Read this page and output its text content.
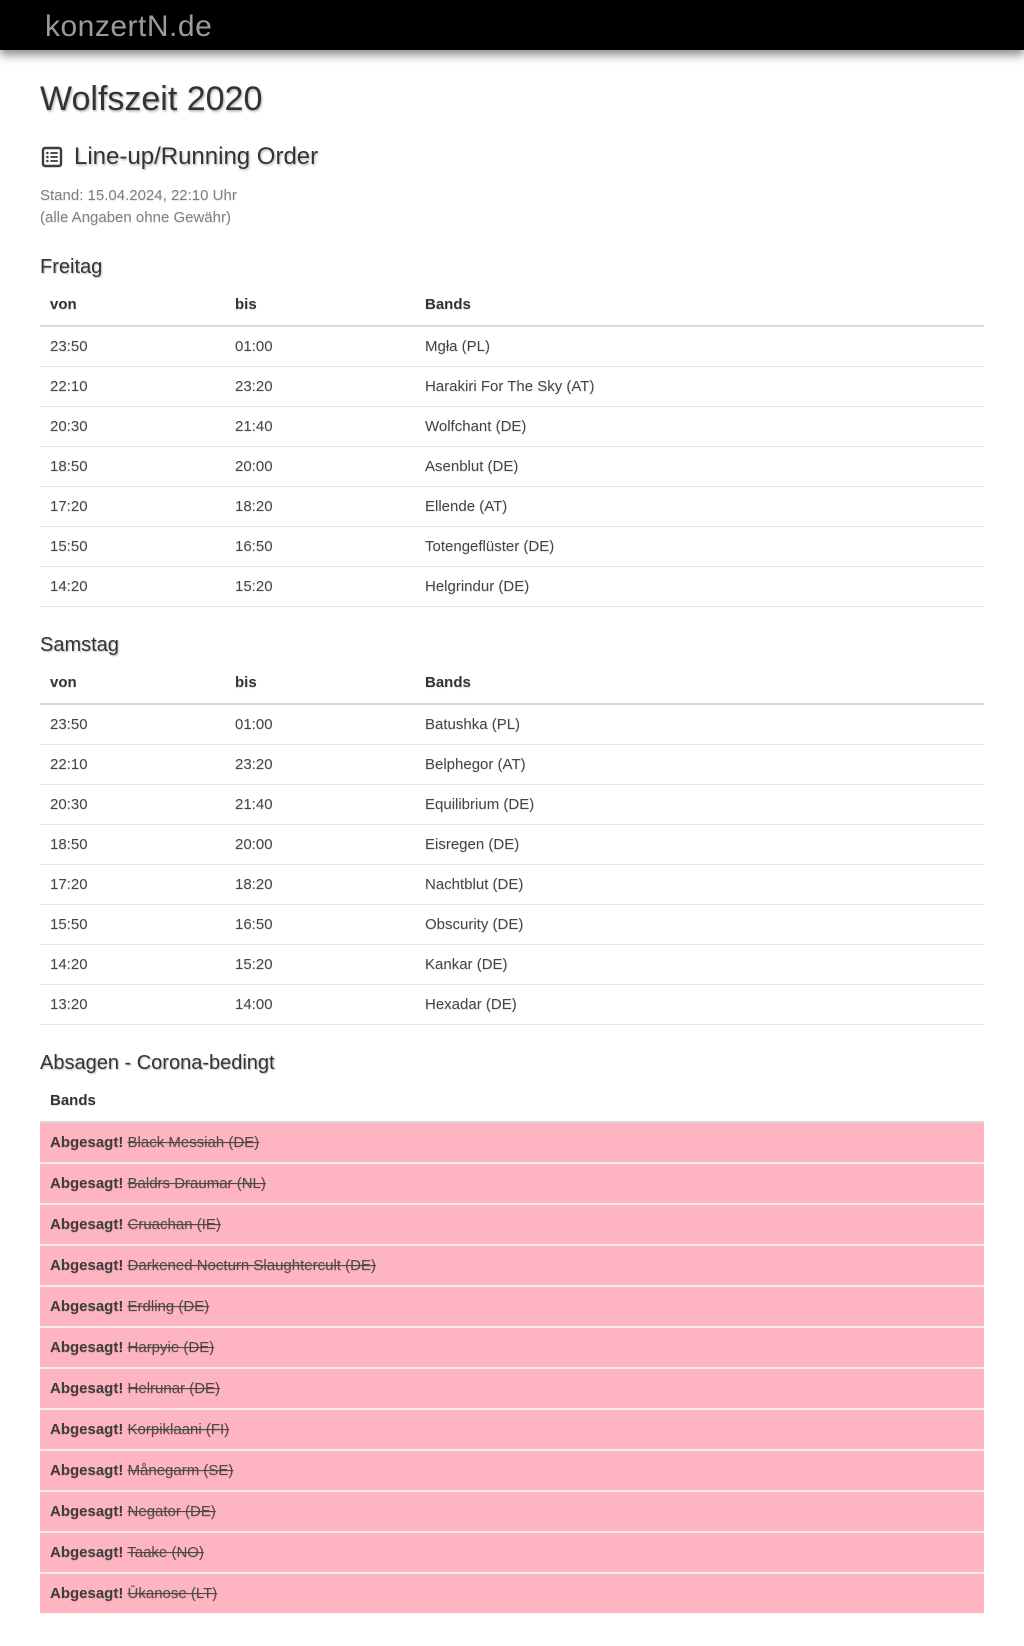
konzertN.de
Wolfszeit 2020
Line-up/Running Order

Stand: 15.04.2024, 22:10 Uhr

(alle Angaben ohne Gewähr)

Freitag
von	bis	Bands
23:50	01:00	Mgła (PL)
22:10	23:20	Harakiri For The Sky (AT)
20:30	21:40	Wolfchant (DE)
18:50	20:00	Asenblut (DE)
17:20	18:20	Ellende (AT)
15:50	16:50	Totengeflüster (DE)
14:20	15:20	Helgrindur (DE)
Samstag
von	bis	Bands
23:50	01:00	Batushka (PL)
22:10	23:20	Belphegor (AT)
20:30	21:40	Equilibrium (DE)
18:50	20:00	Eisregen (DE)
17:20	18:20	Nachtblut (DE)
15:50	16:50	Obscurity (DE)
14:20	15:20	Kankar (DE)
13:20	14:00	Hexadar (DE)
Absagen - Corona-bedingt
Bands
Abgesagt! Black Messiah (DE)
Abgesagt! Baldrs Draumar (NL)
Abgesagt! Cruachan (IE)
Abgesagt! Darkened Nocturn Slaughtercult (DE)
Abgesagt! Erdling (DE)
Abgesagt! Harpyie (DE)
Abgesagt! Helrunar (DE)
Abgesagt! Korpiklaani (FI)
Abgesagt! Månegarm (SE)
Abgesagt! Negator (DE)
Abgesagt! Taake (NO)
Abgesagt! Ūkanose (LT)
